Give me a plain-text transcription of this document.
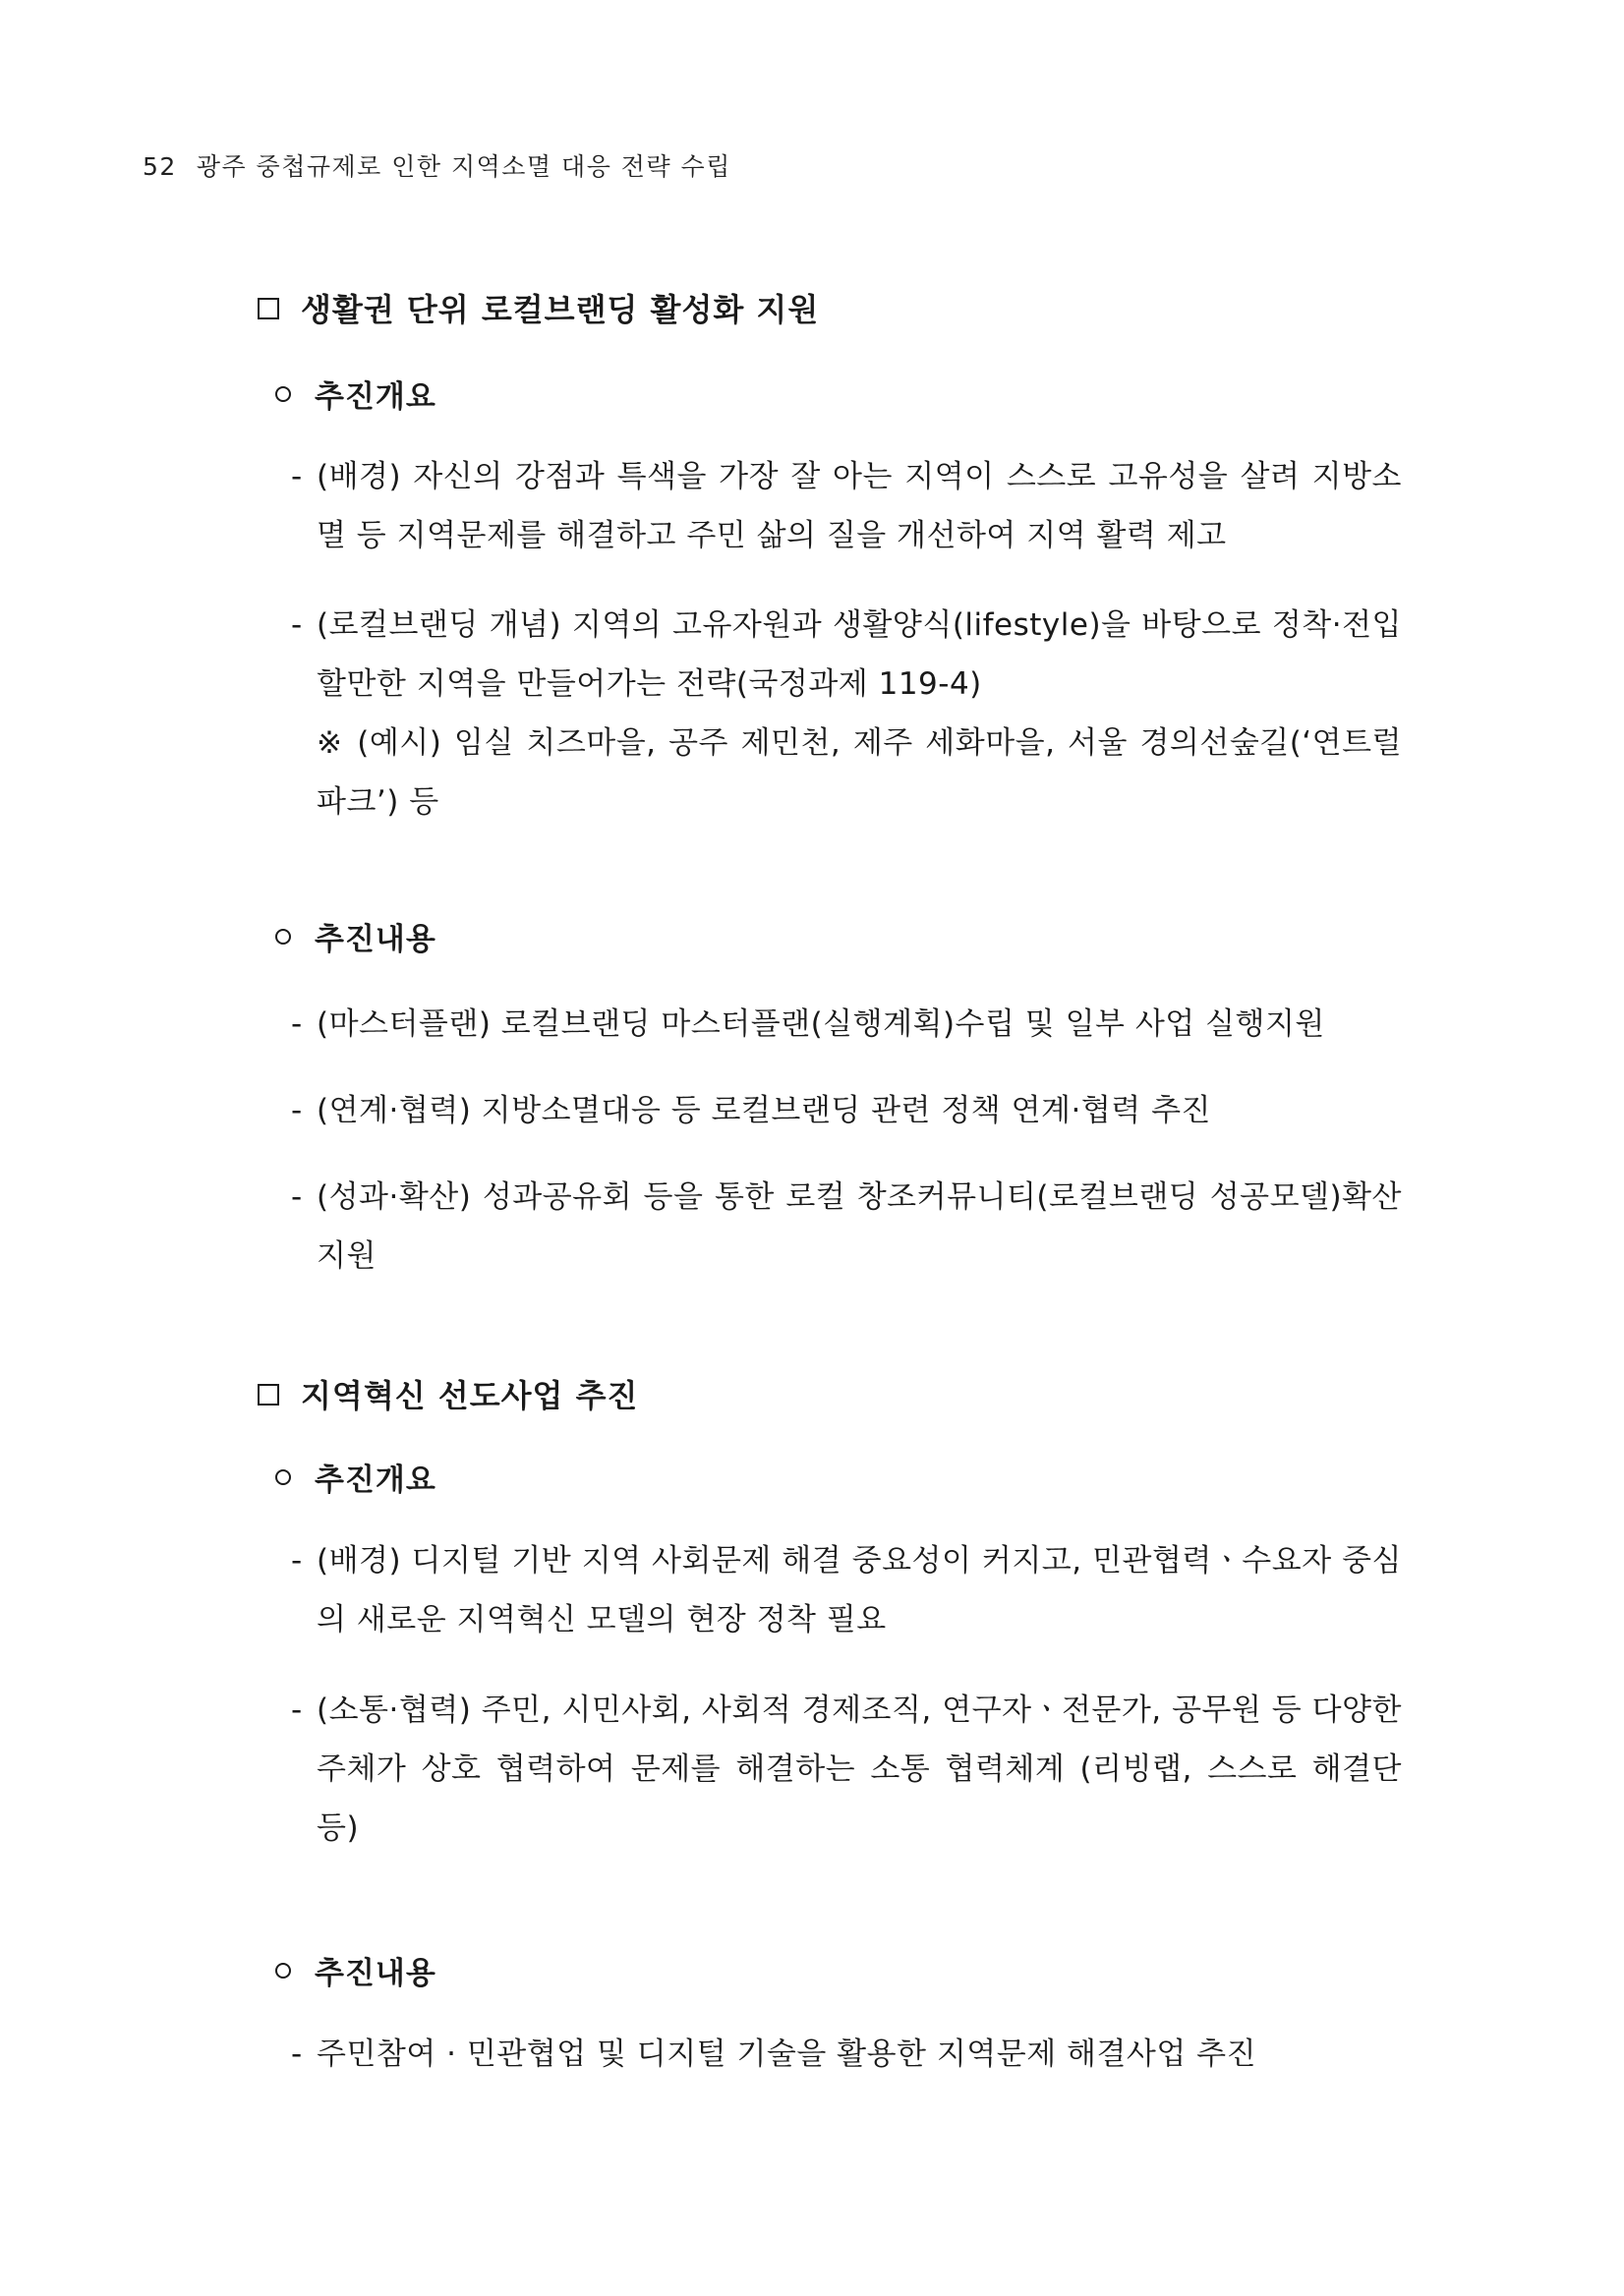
52 광주 중첩규제로 인한 지역소멸 대응 전략 수립
생활권 단위 로컬브랜딩 활성화 지원
추진개요
- (배경) 자신의 강점과 특색을 가장 잘 아는 지역이 스스로 고유성을 살려 지방소멸 등 지역문제를 해결하고 주민 삶의 질을 개선하여 지역 활력 제고
- (로컬브랜딩 개념) 지역의 고유자원과 생활양식(lifestyle)을 바탕으로 정착·전입할만한 지역을 만들어가는 전략(국정과제 119-4)
※ (예시) 임실 치즈마을, 공주 제민천, 제주 세화마을, 서울 경의선숲길(‘연트럴파크’) 등
추진내용
- (마스터플랜) 로컬브랜딩 마스터플랜(실행계획)수립 및 일부 사업 실행지원
- (연계·협력) 지방소멸대응 등 로컬브랜딩 관련 정책 연계·협력 추진
- (성과·확산) 성과공유회 등을 통한 로컬 창조커뮤니티(로컬브랜딩 성공모델)확산지원
지역혁신 선도사업 추진
추진개요
- (배경) 디지털 기반 지역 사회문제 해결 중요성이 커지고, 민관협력ㆍ수요자 중심의 새로운 지역혁신 모델의 현장 정착 필요
- (소통·협력) 주민, 시민사회, 사회적 경제조직, 연구자ㆍ전문가, 공무원 등 다양한 주체가 상호 협력하여 문제를 해결하는 소통 협력체계 (리빙랩, 스스로 해결단 등)
추진내용
- 주민참여 · 민관협업 및 디지털 기술을 활용한 지역문제 해결사업 추진
